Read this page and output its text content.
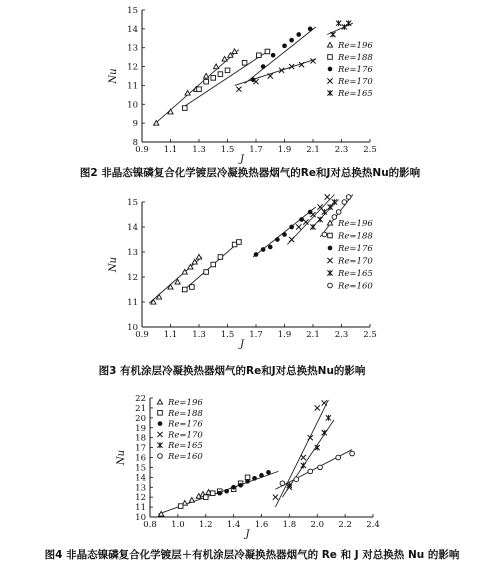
0.9 1.1 1.3 1.5 1.7 1.9 2.1 2.3 2.5
8
9
10
11
12
13
14
15
J
Nu
Re=196
Re=188
Re=176
Re=170
Re=165
0.9 1.1 1.3 1.5 1.7 1.9 2.1 2.3 2.5
10
11
12
13
14
15
J
Nu
Re=196
Re=188
Re=176
Re=170
Re=165
Re=160
0.8 1.0 1.2 1.4 1.6 1.8 2.0 2.2 2.4
10
11
12
13
14
15
16
17
18
19
20
21
22
J
Nu
Re=196
Re=188
Re=176
Re=170
Re=165
Re=160
图2 非晶态镍磷复合化学镀层冷凝换热器烟气的Re和J对总换热Nu的影响
图3 有机涂层冷凝换热器烟气的Re和J对总换热Nu的影响
图4 非晶态镍磷复合化学镀层＋有机涂层冷凝换热器烟气的 Re 和 J 对总换热 Nu 的影响
